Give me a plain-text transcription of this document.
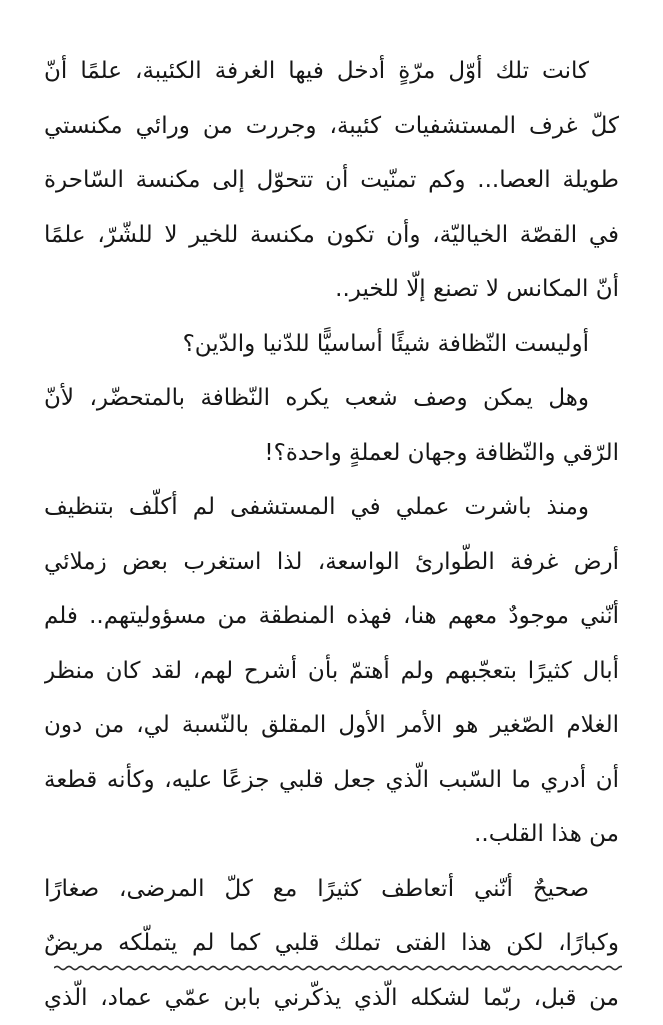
كانت تلك أوّل مرّةٍ أدخل فيها الغرفة الكئيبة، علمًا أنّ
كلّ غرف المستشفيات كئيبة، وجررت من ورائي مكنستي
طويلة العصا... وكم تمنّيت أن تتحوّل إلى مكنسة السّاحرة
في القصّة الخياليّة، وأن تكون مكنسة للخير لا للشّرّ، علمًا
أنّ المكانس لا تصنع إلّا للخير..
أوليست النّظافة شيئًا أساسيًّا للدّنيا والدّين؟
وهل يمكن وصف شعب يكره النّظافة بالمتحضّر، لأنّ
الرّقي والنّظافة وجهان لعملةٍ واحدة؟!
ومنذ باشرت عملي في المستشفى لم أكلّف بتنظيف
أرض غرفة الطّوارئ الواسعة، لذا استغرب بعض زملائي
أنّني موجودٌ معهم هنا، فهذه المنطقة من مسؤوليتهم.. فلم
أبال كثيرًا بتعجّبهم ولم أهتمّ بأن أشرح لهم، لقد كان منظر
الغلام الصّغير هو الأمر الأول المقلق بالنّسبة لي، من دون
أن أدري ما السّبب الّذي جعل قلبي جزعًا عليه، وكأنه قطعة
من هذا القلب..
صحيحٌ أنّني أتعاطف كثيرًا مع كلّ المرضى، صغارًا
وكبارًا، لكن هذا الفتى تملك قلبي كما لم يتملّكه مريضٌ
من قبل، ربّما لشكله الّذي يذكّرني بابن عمّي عماد، الّذي
